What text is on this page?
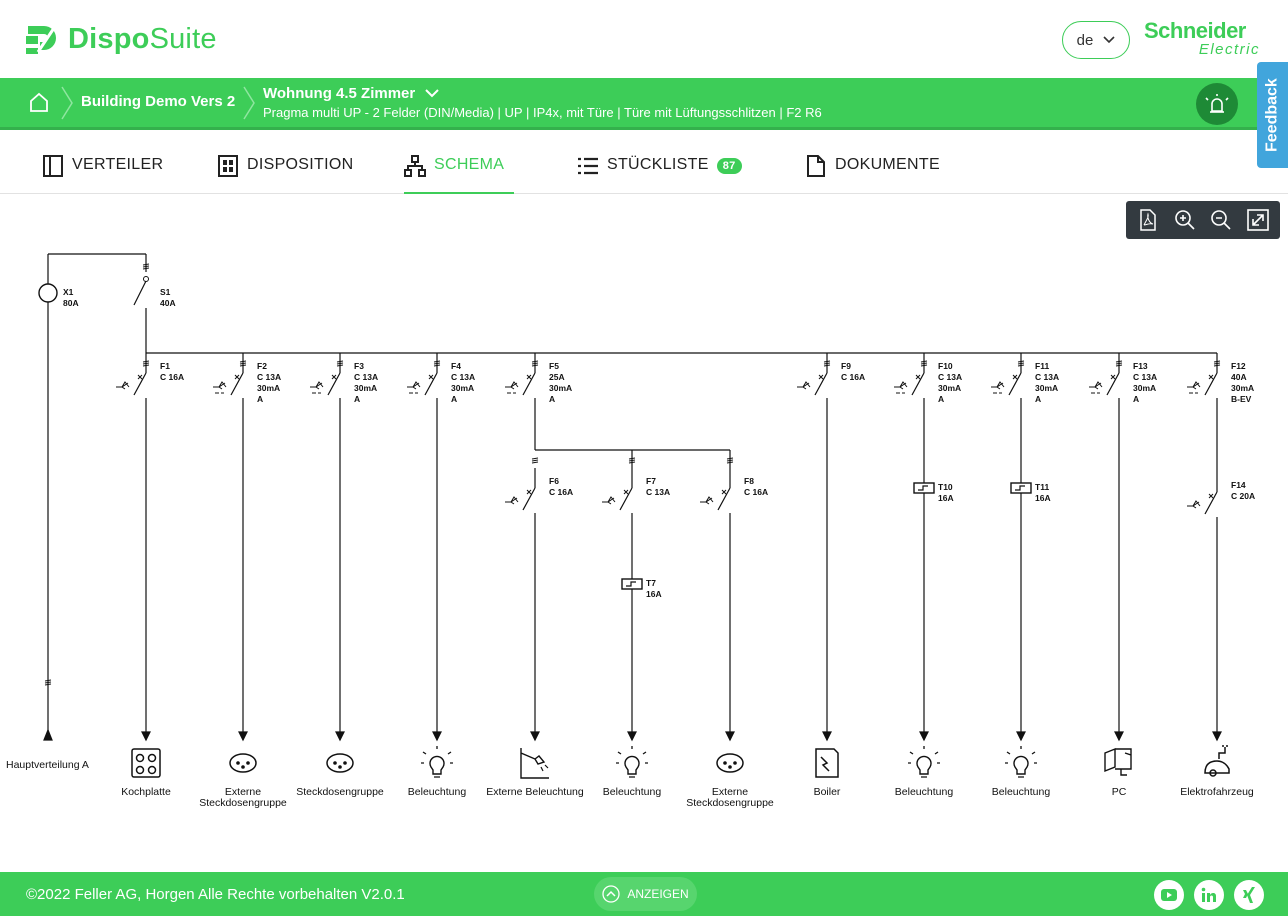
DispoSuite	de Schneider
Electric
Building Demo Vers 2 Wohnung 4.5 Zimmer
Pragma multi UP - 2 Felder (DIN/Media) | UP | IP4x, mit Türe | Türe mit Lüftungsschlitzen | F2 R6	Feedback
VERTEILER	DISPOSITION	SCHEMA	STÜCKLISTE	87	DOKUMENTE
X1
80A
Hauptverteilung A
S1
40A
F1
C 16A
F2
C 13A
30mA
A
F3
C 13A
30mA
A
F4
C 13A
30mA
A
F5
25A
30mA
A
F9
C 16A
F10
C 13A
30mA
A
F11
C 13A
30mA
A
F13
C 13A
30mA
A
F12
40A
30mA
B-EV
F6
C 16A
F7
C 13A
F8
C 16A
F14
C 20A
T7
16A
T10
16A
T11
16A
Kochplatte	Externe
Steckdosengruppe
Steckdosengruppe Beleuchtung Externe Beleuchtung Beleuchtung	Externe
Steckdosengruppe
Boiler	Beleuchtung	Beleuchtung	PC	Elektrofahrzeug
©2022 Feller AG, Horgen Alle Rechte vorbehalten V2.0.1	ANZEIGEN
